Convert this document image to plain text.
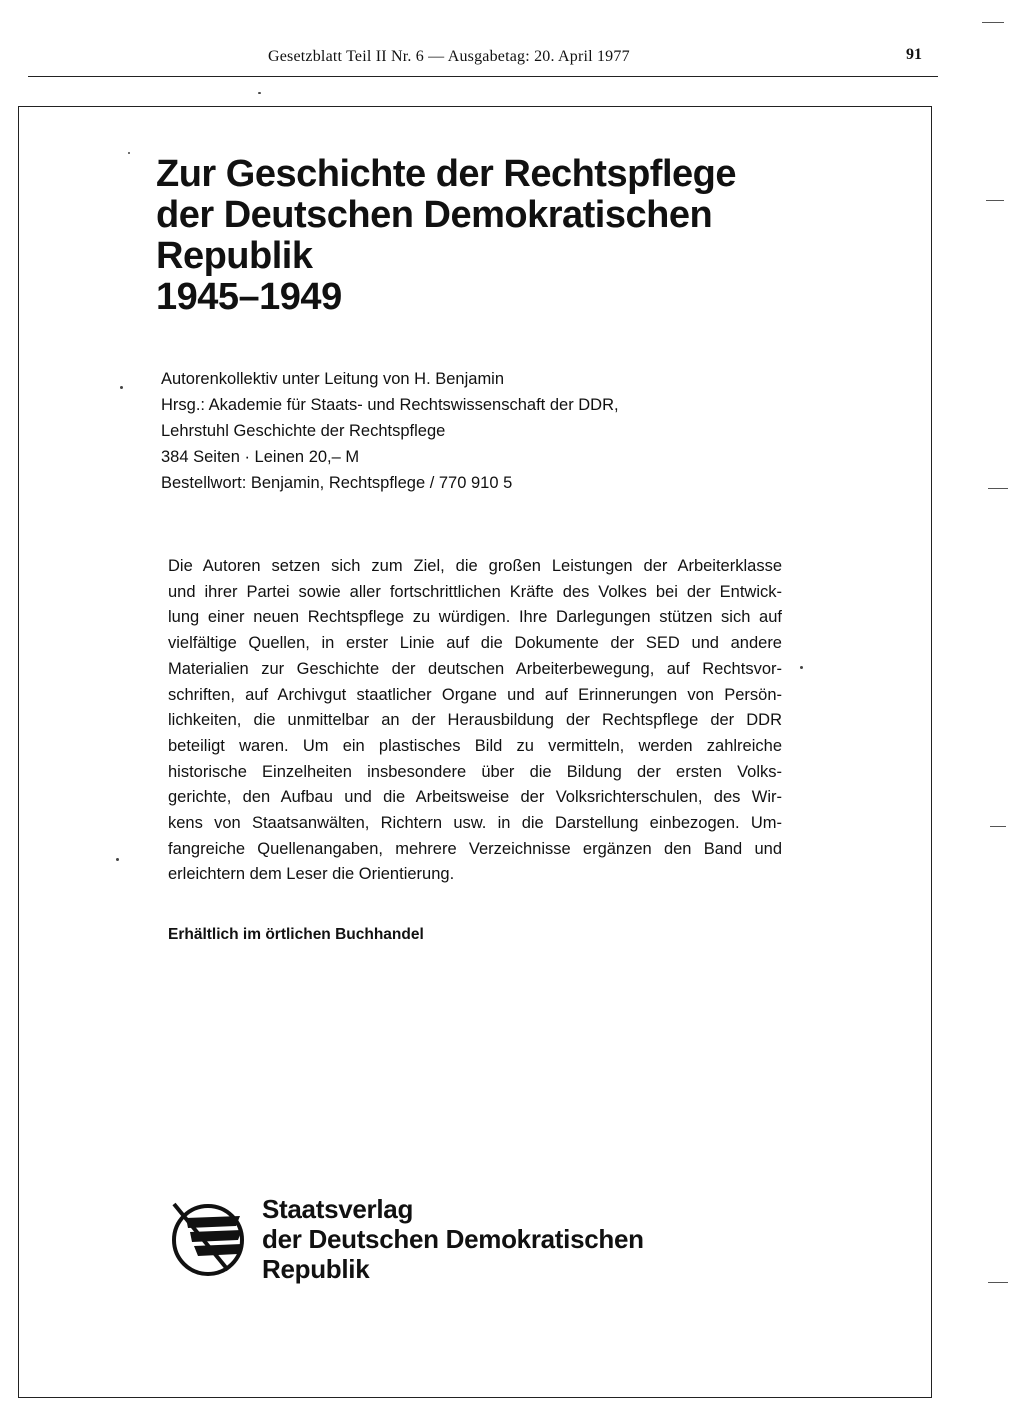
Gesetzblatt Teil II Nr. 6 — Ausgabetag: 20. April 1977	91
Zur Geschichte der Rechtspflege
der Deutschen Demokratischen
Republik
1945–1949
Autorenkollektiv unter Leitung von H. Benjamin
Hrsg.: Akademie für Staats- und Rechtswissenschaft der DDR,
Lehrstuhl Geschichte der Rechtspflege
384 Seiten · Leinen 20,– M
Bestellwort: Benjamin, Rechtspflege / 770 910 5
Die Autoren setzen sich zum Ziel, die großen Leistungen der Arbeiterklasse
und ihrer Partei sowie aller fortschrittlichen Kräfte des Volkes bei der Entwick-
lung einer neuen Rechtspflege zu würdigen. Ihre Darlegungen stützen sich auf
vielfältige Quellen, in erster Linie auf die Dokumente der SED und andere
Materialien zur Geschichte der deutschen Arbeiterbewegung, auf Rechtsvor-
schriften, auf Archivgut staatlicher Organe und auf Erinnerungen von Persön-
lichkeiten, die unmittelbar an der Herausbildung der Rechtspflege der DDR
beteiligt waren. Um ein plastisches Bild zu vermitteln, werden zahlreiche
historische Einzelheiten insbesondere über die Bildung der ersten Volks-
gerichte, den Aufbau und die Arbeitsweise der Volksrichterschulen, des Wir-
kens von Staatsanwälten, Richtern usw. in die Darstellung einbezogen. Um-
fangreiche Quellenangaben, mehrere Verzeichnisse ergänzen den Band und
erleichtern dem Leser die Orientierung.
Erhältlich im örtlichen Buchhandel
Staatsverlag
der Deutschen Demokratischen
Republik
